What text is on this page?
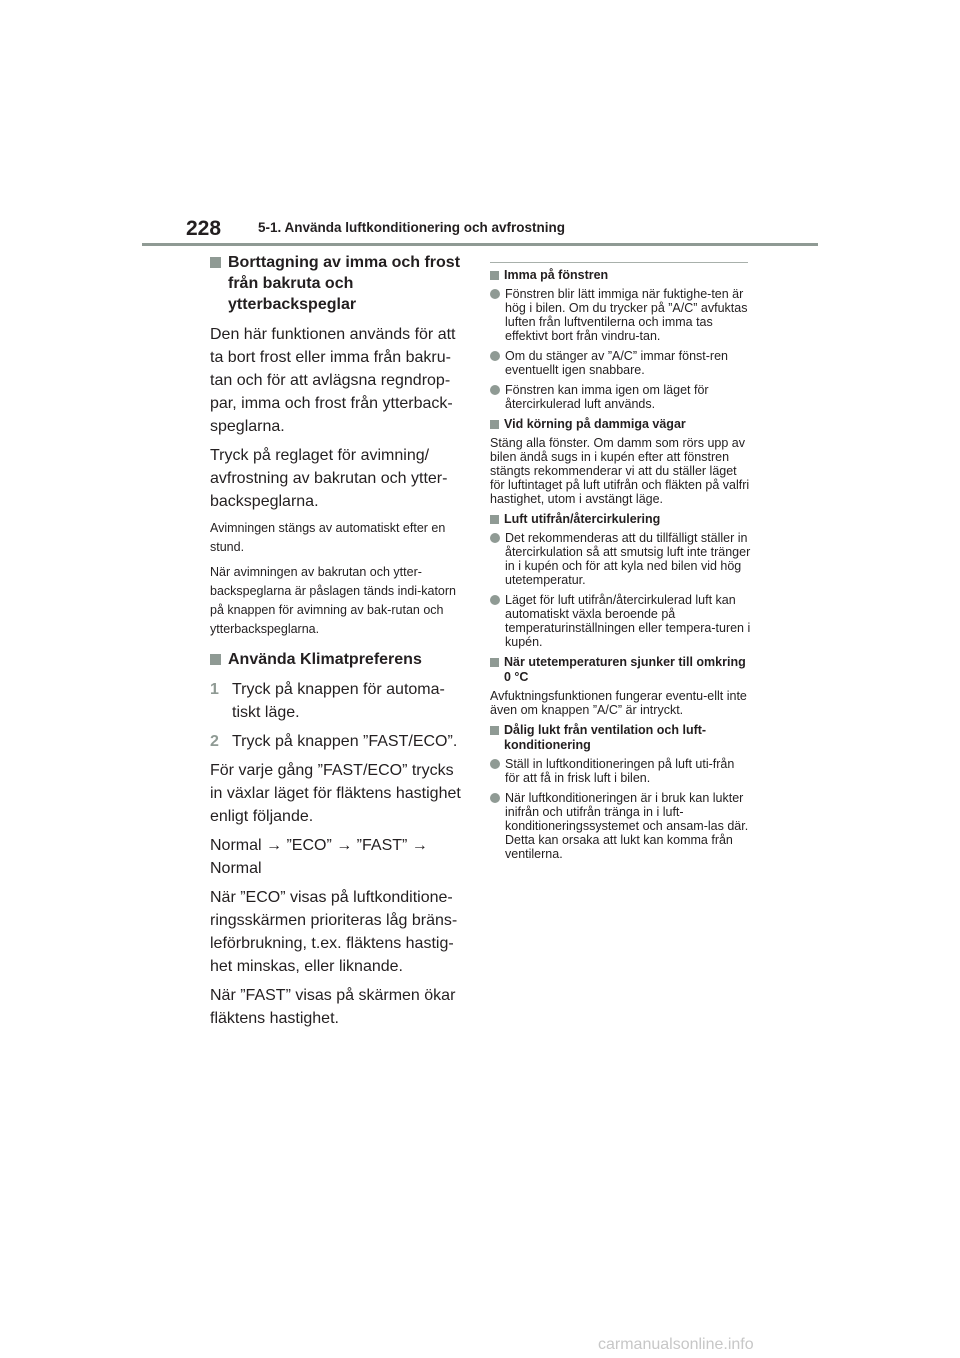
228	5-1. Använda luftkonditionering och avfrostning
Borttagning av imma och frost från bakruta och ytterbackspeglar

Den här funktionen används för att ta bort frost eller imma från bakru-tan och för att avlägsna regndrop-par, imma och frost från ytterback-speglarna.

Tryck på reglaget för avimning/ avfrostning av bakrutan och ytter-backspeglarna.

Avimningen stängs av automatiskt efter en stund.

När avimningen av bakrutan och ytter-backspeglarna är påslagen tänds indi-katorn på knappen för avimning av bak-rutan och ytterbackspeglarna.

Använda Klimatpreferens
1 Tryck på knappen för automa-tiskt läge.
2 Tryck på knappen ”FAST/ECO”.

För varje gång ”FAST/ECO” trycks in växlar läget för fläktens hastighet enligt följande.

Normal → ”ECO” → ”FAST” → Normal

När ”ECO” visas på luftkonditione-ringsskärmen prioriteras låg bräns-leförbrukning, t.ex. fläktens hastig-het minskas, eller liknande.

När ”FAST” visas på skärmen ökar fläktens hastighet.

Imma på fönstren
Fönstren blir lätt immiga när fuktighe-ten är hög i bilen. Om du trycker på ”A/C” avfuktas luften från luftventilerna och imma tas effektivt bort från vindru-tan.
Om du stänger av ”A/C” immar fönst-ren eventuellt igen snabbare.
Fönstren kan imma igen om läget för återcirkulerad luft används.
Vid körning på dammiga vägar

Stäng alla fönster. Om damm som rörs upp av bilen ändå sugs in i kupén efter att fönstren stängts rekommenderar vi att du ställer läget för luftintaget på luft utifrån och fläkten på valfri hastighet, utom i avstängt läge.

Luft utifrån/återcirkulering
Det rekommenderas att du tillfälligt ställer in återcirkulation så att smutsig luft inte tränger in i kupén och för att kyla ned bilen vid hög utetemperatur.
Läget för luft utifrån/återcirkulerad luft kan automatiskt växla beroende på temperaturinställningen eller tempera-turen i kupén.
När utetemperaturen sjunker till omkring 0 °C

Avfuktningsfunktionen fungerar eventu-ellt inte även om knappen ”A/C” är intryckt.

Dålig lukt från ventilation och luft-konditionering
Ställ in luftkonditioneringen på luft uti-från för att få in frisk luft i bilen.
När luftkonditioneringen är i bruk kan lukter inifrån och utifrån tränga in i luft-konditioneringssystemet och ansam-las där. Detta kan orsaka att lukt kan komma från ventilerna.
carmanualsonline.info
